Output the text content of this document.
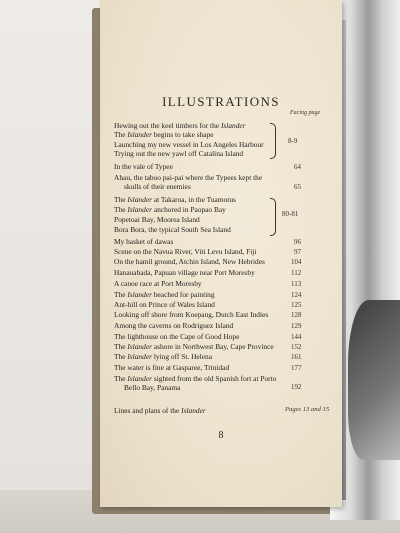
ILLUSTRATIONS
Facing page
Hewing out the keel timbers for the Islander
The Islander begins to take shape
Launching my new vessel in Los Angeles Harbour
Trying out the new yawl off Catalina Island
In the vale of Typee
Ahau, the taboo pai-pai where the Typees kept the
skulls of their enemies
The Islander at Takaroa, in the Tuamotus
The Islander anchored in Paopao Bay
Popetoai Bay, Moorea Island
Bora Bora, the typical South Sea Island
My basket of dawas
Scene on the Navua River, Viti Levu Island, Fiji
On the hamil ground, Atchin Island, New Hebrides
Hanauabada, Papuan village near Port Moresby
A canoe race at Port Moresby
The Islander beached for painting
Ant-hill on Prince of Wales Island
Looking off shore from Koepang, Dutch East Indies
Among the caverns on Rodriguez Island
The lighthouse on the Cape of Good Hope
The Islander ashore in Northwest Bay, Cape Province
The Islander lying off St. Helena
The water is fine at Gasparee, Trinidad
The Islander sighted from the old Spanish fort at Porto
Bello Bay, Panama
8-9
64
65
80-81
96
97
104
112
113
124
125
128
129
144
152
161
177
192
Lines and plans of the Islander	Pages 13 and 15
8
